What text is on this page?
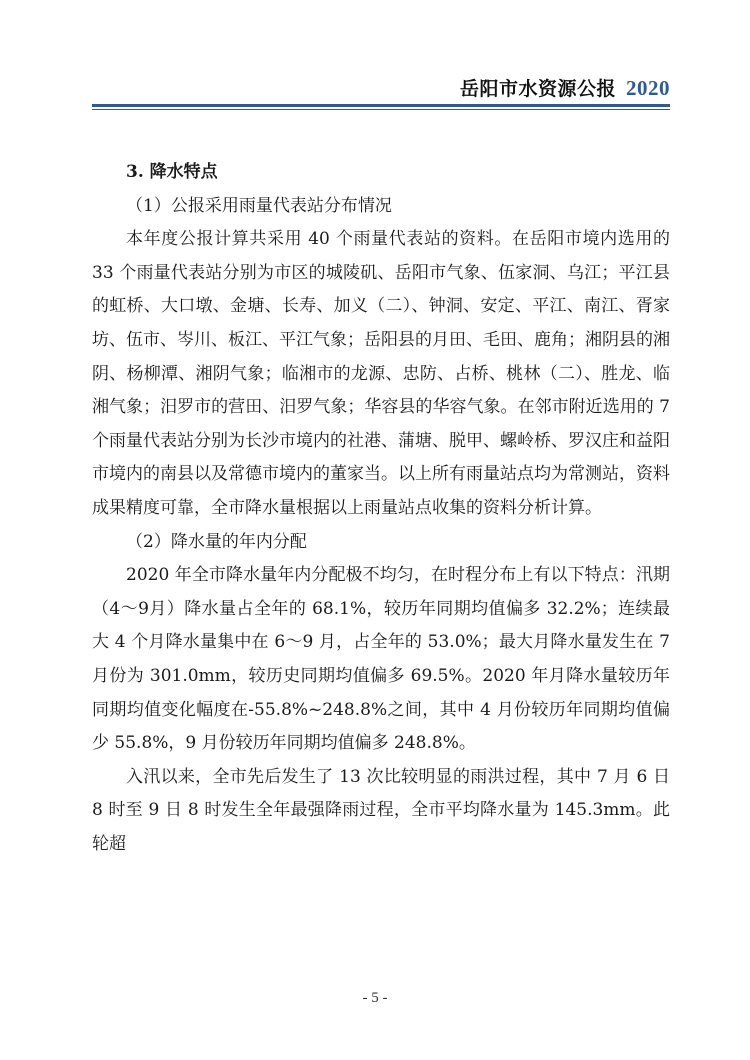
岳阳市水资源公报 2020

3. 降水特点

（1）公报采用雨量代表站分布情况

本年度公报计算共采用 40 个雨量代表站的资料。在岳阳市境内选用的 33 个雨量代表站分别为市区的城陵矶、岳阳市气象、伍家洞、乌江；平江县的虹桥、大口墩、金塘、长寿、加义（二）、钟洞、安定、平江、南江、胥家坊、伍市、岑川、板江、平江气象；岳阳县的月田、毛田、鹿角；湘阴县的湘阴、杨柳潭、湘阴气象；临湘市的龙源、忠防、占桥、桃林（二）、胜龙、临湘气象；汨罗市的营田、汨罗气象；华容县的华容气象。在邻市附近选用的 7 个雨量代表站分别为长沙市境内的社港、蒲塘、脱甲、螺岭桥、罗汉庄和益阳市境内的南县以及常德市境内的董家当。以上所有雨量站点均为常测站，资料成果精度可靠，全市降水量根据以上雨量站点收集的资料分析计算。

（2）降水量的年内分配

2020 年全市降水量年内分配极不均匀，在时程分布上有以下特点：汛期（4～9月）降水量占全年的 68.1%，较历年同期均值偏多 32.2%；连续最大 4 个月降水量集中在 6～9 月，占全年的 53.0%；最大月降水量发生在 7 月份为 301.0mm，较历史同期均值偏多 69.5%。2020 年月降水量较历年同期均值变化幅度在-55.8%~248.8%之间，其中 4 月份较历年同期均值偏少 55.8%，9 月份较历年同期均值偏多 248.8%。

入汛以来，全市先后发生了 13 次比较明显的雨洪过程，其中 7 月 6 日 8 时至 9 日 8 时发生全年最强降雨过程，全市平均降水量为 145.3mm。此轮超

- 5 -
